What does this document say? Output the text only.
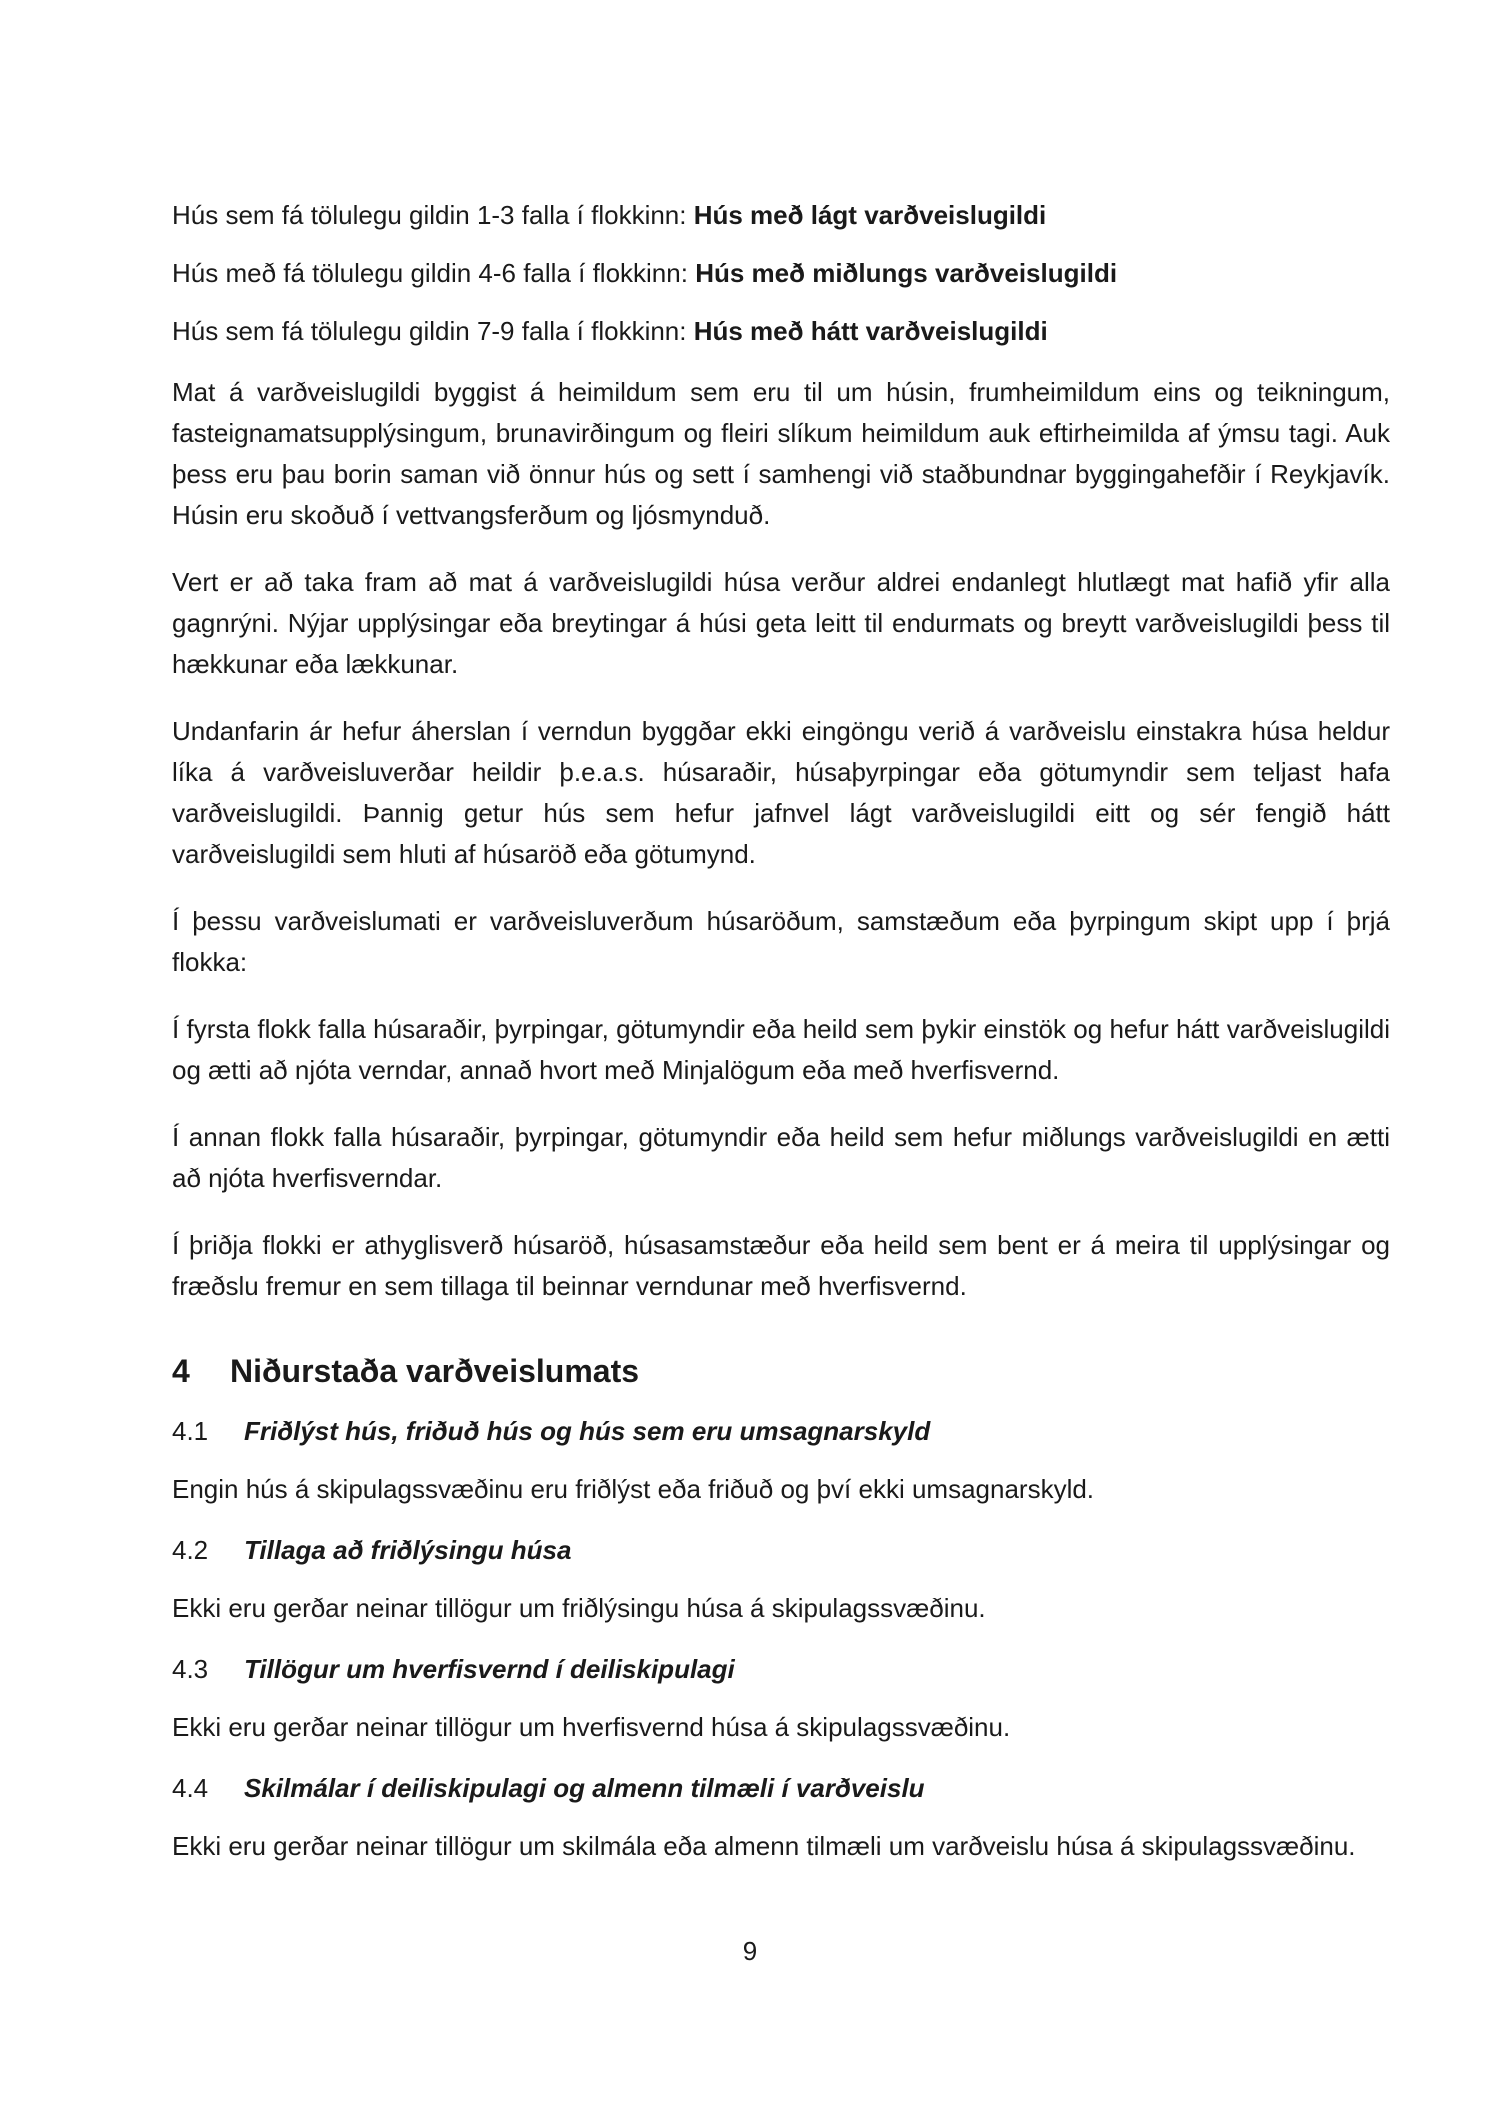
Hús sem fá tölulegu gildin 1-3 falla í flokkinn: Hús með lágt varðveislugildi

Hús með fá tölulegu gildin 4-6 falla í flokkinn: Hús með miðlungs varðveislugildi

Hús sem fá tölulegu gildin 7-9 falla í flokkinn: Hús með hátt varðveislugildi

Mat á varðveislugildi byggist á heimildum sem eru til um húsin, frumheimildum eins og teikningum, fasteignamatsupplýsingum, brunavirðingum og fleiri slíkum heimildum auk eftirheimilda af ýmsu tagi. Auk þess eru þau borin saman við önnur hús og sett í samhengi við staðbundnar byggingahefðir í Reykjavík. Húsin eru skoðuð í vettvangsferðum og ljósmynduð.

Vert er að taka fram að mat á varðveislugildi húsa verður aldrei endanlegt hlutlægt mat hafið yfir alla gagnrýni. Nýjar upplýsingar eða breytingar á húsi geta leitt til endurmats og breytt varðveislugildi þess til hækkunar eða lækkunar.

Undanfarin ár hefur áherslan í verndun byggðar ekki eingöngu verið á varðveislu einstakra húsa heldur líka á varðveisluverðar heildir þ.e.a.s. húsaraðir, húsaþyrpingar eða götumyndir sem teljast hafa varðveislugildi. Þannig getur hús sem hefur jafnvel lágt varðveislugildi eitt og sér fengið hátt varðveislugildi sem hluti af húsaröð eða götumynd.

Í þessu varðveislumati er varðveisluverðum húsaröðum, samstæðum eða þyrpingum skipt upp í þrjá flokka:

Í fyrsta flokk falla húsaraðir, þyrpingar, götumyndir eða heild sem þykir einstök og hefur hátt varðveislugildi og ætti að njóta verndar, annað hvort með Minjalögum eða með hverfisvernd.

Í annan flokk falla húsaraðir, þyrpingar, götumyndir eða heild sem hefur miðlungs varðveislugildi en ætti að njóta hverfisverndar.

Í þriðja flokki er athyglisverð húsaröð, húsasamstæður eða heild sem bent er á meira til upplýsingar og fræðslu fremur en sem tillaga til beinnar verndunar með hverfisvernd.

4 Niðurstaða varðveislumats
4.1 Friðlýst hús, friðuð hús og hús sem eru umsagnarskyld

Engin hús á skipulagssvæðinu eru friðlýst eða friðuð og því ekki umsagnarskyld.

4.2 Tillaga að friðlýsingu húsa

Ekki eru gerðar neinar tillögur um friðlýsingu húsa á skipulagssvæðinu.

4.3 Tillögur um hverfisvernd í deiliskipulagi

Ekki eru gerðar neinar tillögur um hverfisvernd húsa á skipulagssvæðinu.

4.4 Skilmálar í deiliskipulagi og almenn tilmæli í varðveislu

Ekki eru gerðar neinar tillögur um skilmála eða almenn tilmæli um varðveislu húsa á skipulagssvæðinu.

9
